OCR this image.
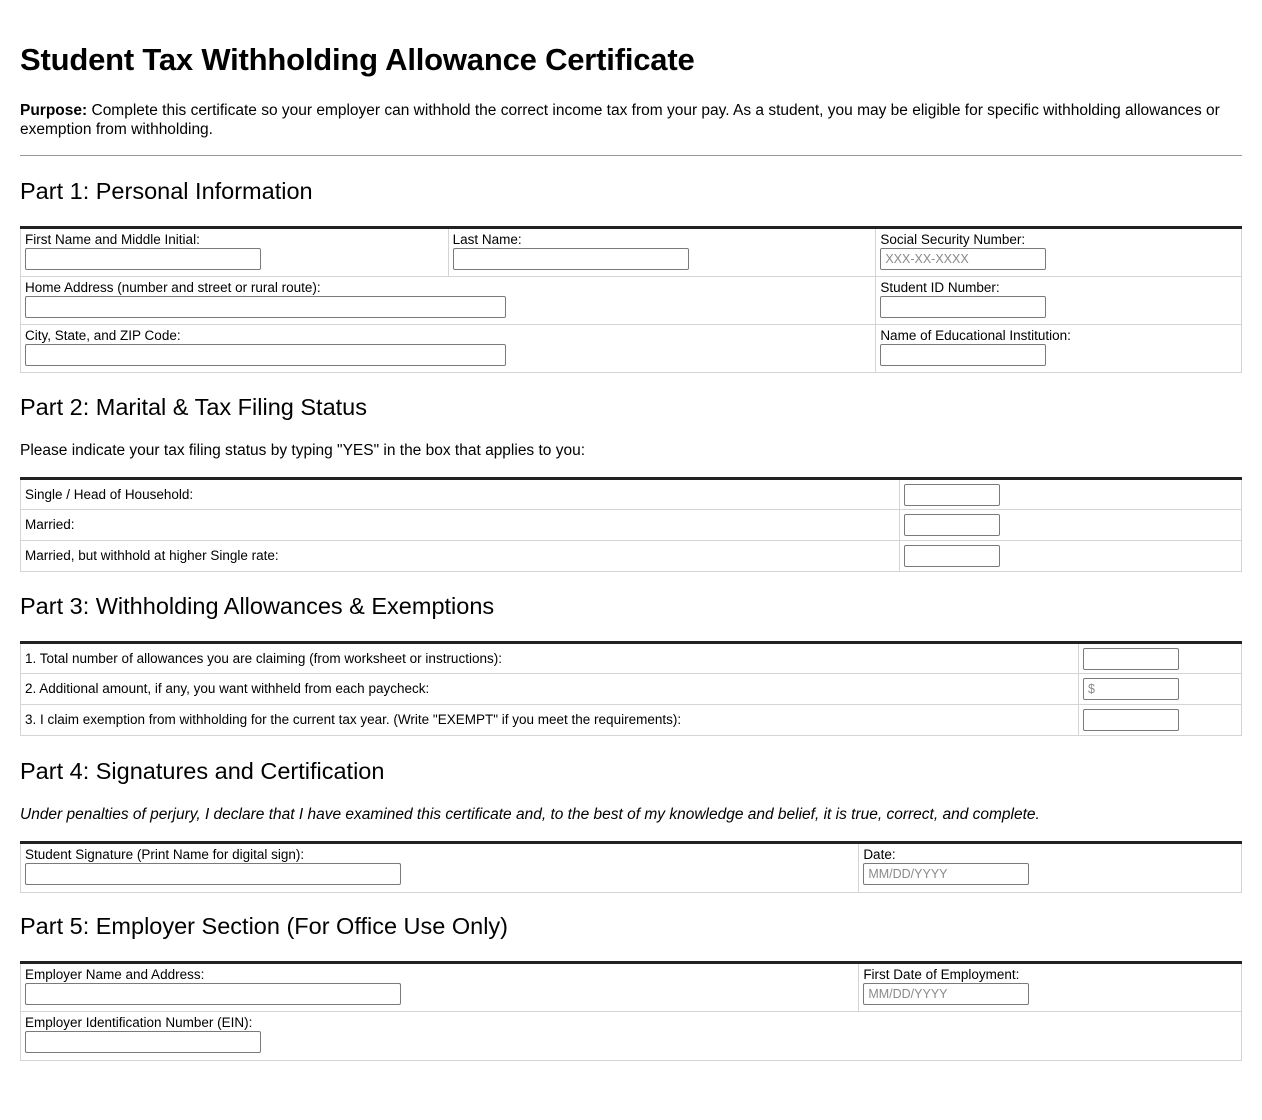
Student Tax Withholding Allowance Certificate
Purpose: Complete this certificate so your employer can withhold the correct income tax from your pay. As a student, you may be eligible for specific withholding allowances or exemption from withholding.
Part 1: Personal Information
First Name and Middle Initial:	Last Name:	Social Security Number:
XXX-XX-XXXX

Home Address (number and street or rural route):		Student ID Number:

City, State, and ZIP Code:		Name of Educational Institution:
Part 2: Marital & Tax Filing Status
Please indicate your tax filing status by typing "YES" in the box that applies to you:
Single / Head of Household:	

Married:	

Married, but withhold at higher Single rate:	
Part 3: Withholding Allowances & Exemptions
1. Total number of allowances you are claiming (from worksheet or instructions):	

2. Additional amount, if any, you want withheld from each paycheck:	
$
3. I claim exemption from withholding for the current tax year. (Write "EXEMPT" if you meet the requirements):	
Part 4: Signatures and Certification
Under penalties of perjury, I declare that I have examined this certificate and, to the best of my knowledge and belief, it is true, correct, and complete.
Student Signature (Print Name for digital sign):	Date:
MM/DD/YYYY
Part 5: Employer Section (For Office Use Only)
Employer Name and Address:	First Date of Employment:
MM/DD/YYYY

Employer Identification Number (EIN):
